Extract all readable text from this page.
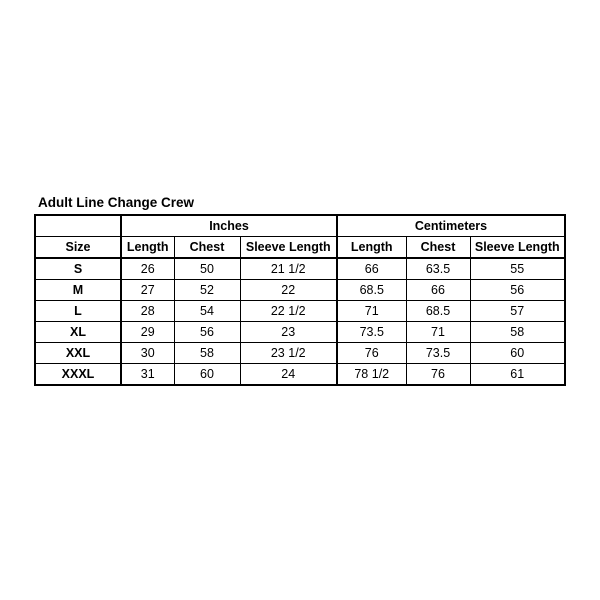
Adult Line Change Crew
	Inches			Centimeters		
Size	Length	Chest	Sleeve Length	Length	Chest	Sleeve Length
S	26	50	21 1/2	66	63.5	55
M	27	52	22	68.5	66	56
L	28	54	22 1/2	71	68.5	57
XL	29	56	23	73.5	71	58
XXL	30	58	23 1/2	76	73.5	60
XXXL	31	60	24	78 1/2	76	61
